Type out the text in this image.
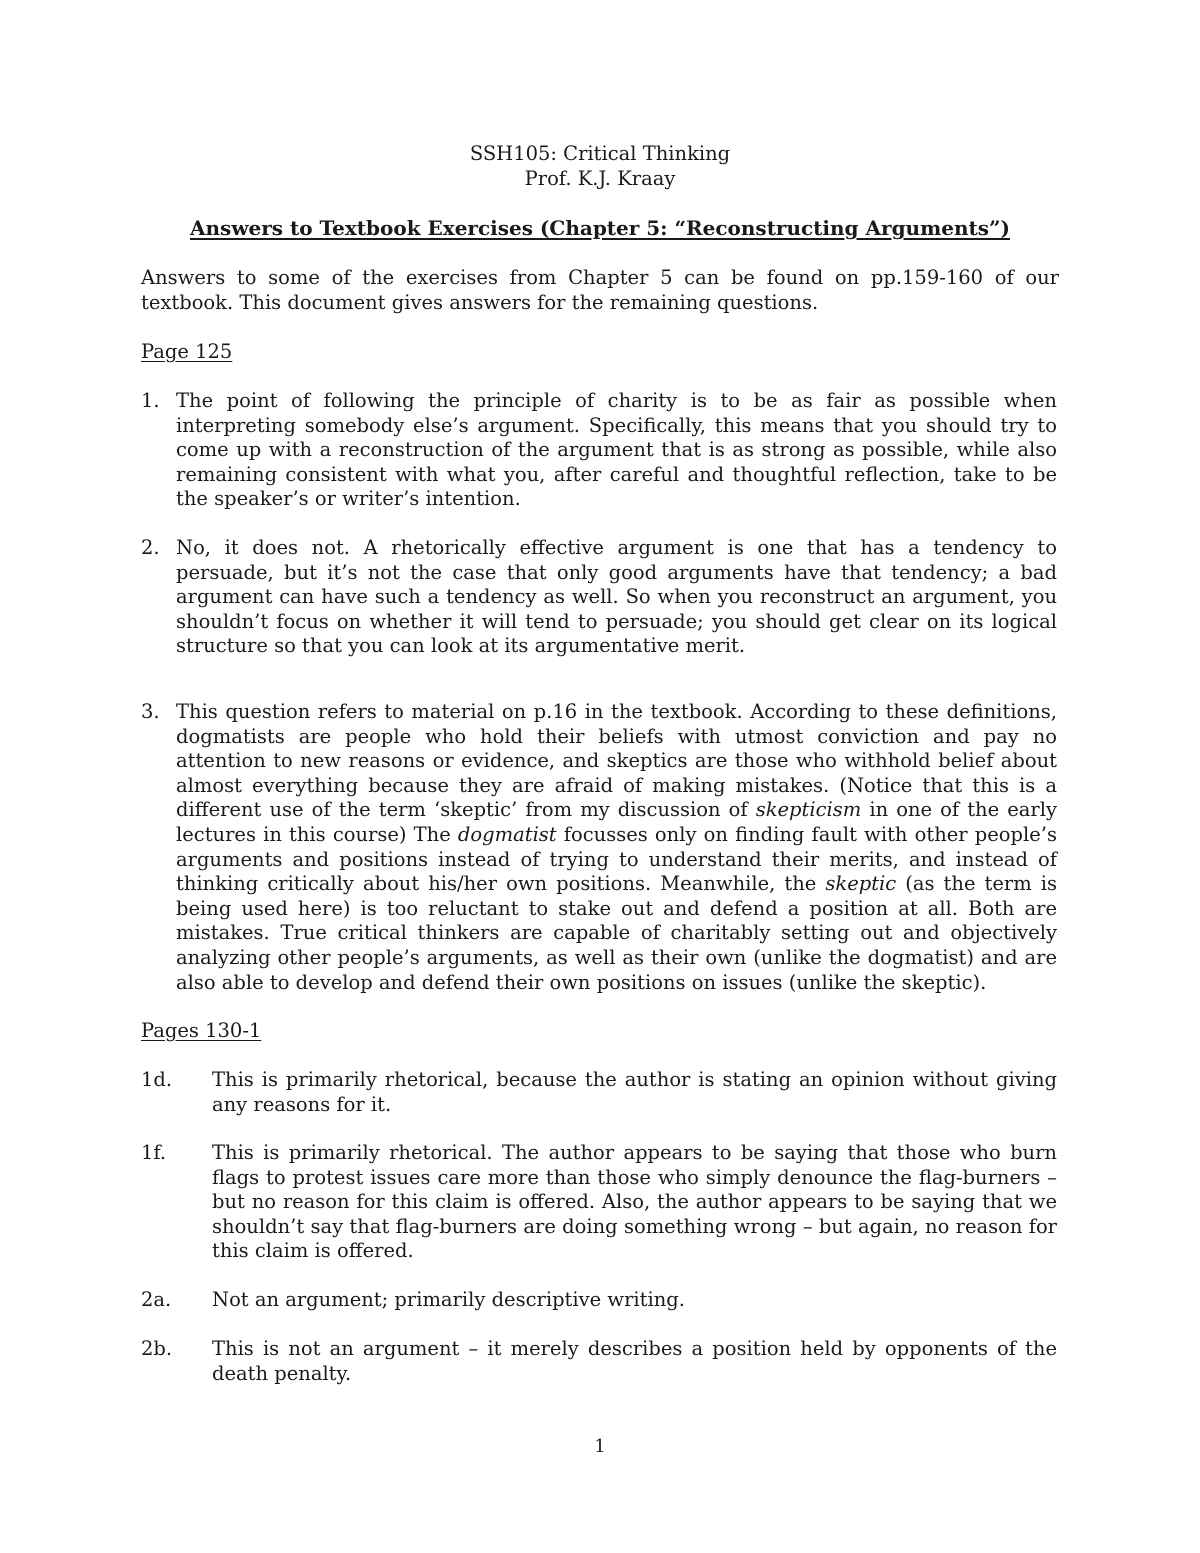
SSH105: Critical Thinking
Prof. K.J. Kraay
Answers to Textbook Exercises (Chapter 5: “Reconstructing Arguments”)
Answers to some of the exercises from Chapter 5 can be found on pp.159-160 of our textbook. This document gives answers for the remaining questions.
Page 125
1. The point of following the principle of charity is to be as fair as possible when interpreting somebody else’s argument. Specifically, this means that you should try to come up with a reconstruction of the argument that is as strong as possible, while also remaining consistent with what you, after careful and thoughtful reflection, take to be the speaker’s or writer’s intention.
2. No, it does not. A rhetorically effective argument is one that has a tendency to persuade, but it’s not the case that only good arguments have that tendency; a bad argument can have such a tendency as well. So when you reconstruct an argument, you shouldn’t focus on whether it will tend to persuade; you should get clear on its logical structure so that you can look at its argumentative merit.
3. This question refers to material on p.16 in the textbook. According to these definitions, dogmatists are people who hold their beliefs with utmost conviction and pay no attention to new reasons or evidence, and skeptics are those who withhold belief about almost everything because they are afraid of making mistakes. (Notice that this is a different use of the term ‘skeptic’ from my discussion of skepticism in one of the early lectures in this course) The dogmatist focusses only on finding fault with other people’s arguments and positions instead of trying to understand their merits, and instead of thinking critically about his/her own positions. Meanwhile, the skeptic (as the term is being used here) is too reluctant to stake out and defend a position at all. Both are mistakes. True critical thinkers are capable of charitably setting out and objectively analyzing other people’s arguments, as well as their own (unlike the dogmatist) and are also able to develop and defend their own positions on issues (unlike the skeptic).
Pages 130-1
1d. This is primarily rhetorical, because the author is stating an opinion without giving any reasons for it.
1f. This is primarily rhetorical. The author appears to be saying that those who burn flags to protest issues care more than those who simply denounce the flag-burners – but no reason for this claim is offered. Also, the author appears to be saying that we shouldn’t say that flag-burners are doing something wrong – but again, no reason for this claim is offered.
2a. Not an argument; primarily descriptive writing.
2b. This is not an argument – it merely describes a position held by opponents of the death penalty.
1
